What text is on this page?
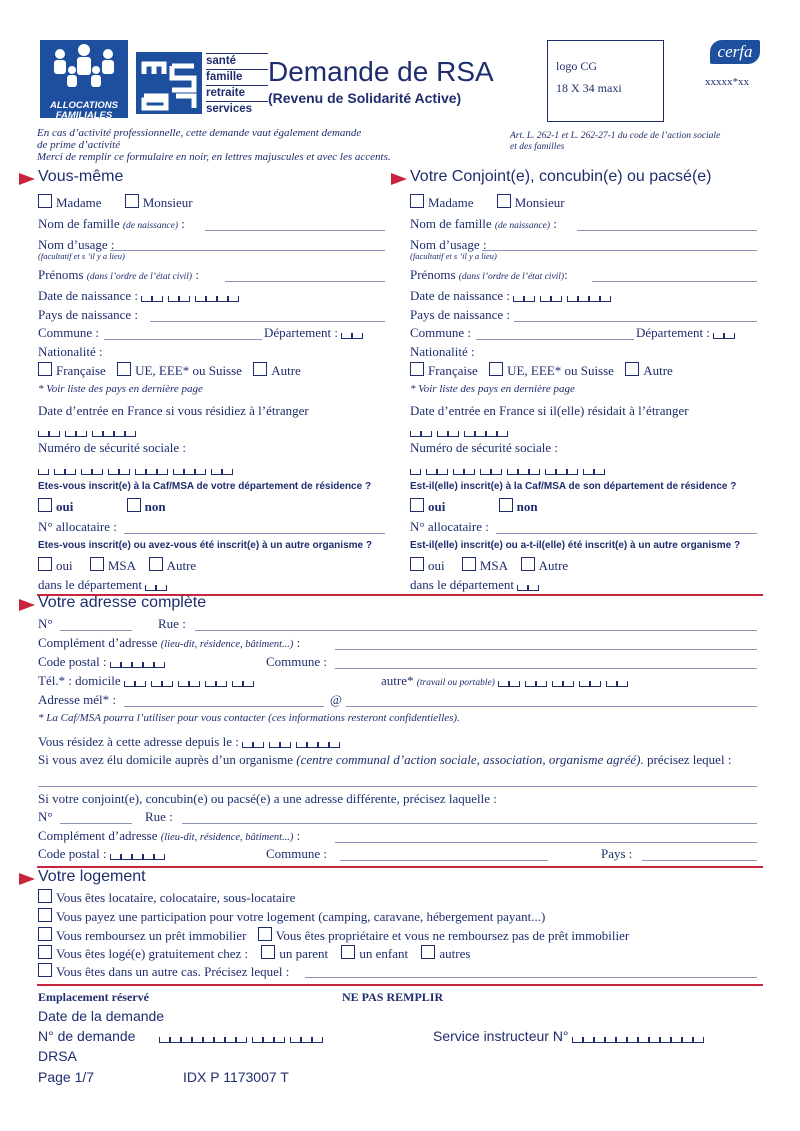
ALLOCATIONS
FAMILIALES
santé
famille
retraite
services
Demande de RSA
(Revenu de Solidarité Active)
logo CG
18 X 34 maxi
cerfa
xxxxx*xx
En cas d’activité professionnelle, cette demande vaut également demande
de prime d’activité
Merci de remplir ce formulaire en noir, en lettres majuscules et avec les accents.
Art. L. 262-1 et L. 262-27-1 du code de l’action sociale
et des familles
Vous-même	Votre Conjoint(e), concubin(e) ou pacsé(e)
Madame	Monsieur
Nom de famille (de naissance) :
Nom d’usage :
(facultatif et s ’il y a lieu)
Prénoms (dans l’ordre de l’état civil) :
Date de naissance :
Pays de naissance :
Commune :	Département :
Nationalité :
Française UE, EEE* ou Suisse Autre
* Voir liste des pays en dernière page
Date d’entrée en France si vous résidiez à l’étranger
Numéro de sécurité sociale :
Etes-vous inscrit(e) à la Caf/MSA de votre département de résidence ?
oui	non
N° allocataire :
Etes-vous inscrit(e) ou avez-vous été inscrit(e) à un autre organisme ?
oui	MSA Autre
dans le département
Madame	Monsieur
Nom de famille (de naissance) :
Nom d’usage :
(facultatif et s ’il y a lieu)
Prénoms (dans l’ordre de l’état civil):
Date de naissance :
Pays de naissance :
Commune :	Département :
Nationalité :
Française UE, EEE* ou Suisse Autre
* Voir liste des pays en dernière page
Date d’entrée en France si il(elle) résidait à l’étranger
Numéro de sécurité sociale :
Est-il(elle) inscrit(e) à la Caf/MSA de son département de résidence ?
oui	non
N° allocataire :
Est-il(elle) inscrit(e) ou a-t-il(elle) été inscrit(e) à un autre organisme ?
oui	MSA Autre
dans le département
Votre adresse complète
N°	Rue :
Complément d’adresse (lieu-dit, résidence, bâtiment...) :
Code postal :	Commune :
Tél.* : domicile	autre* (travail ou portable)
Adresse mél* :	@
* La Caf/MSA pourra l’utiliser pour vous contacter (ces informations resteront confidentielles).
Vous résidez à cette adresse depuis le :
Si vous avez élu domicile auprès d’un organisme (centre communal d’action sociale, association, organisme agréé). précisez lequel :
Si votre conjoint(e), concubin(e) ou pacsé(e) a une adresse différente, précisez laquelle :
N°	Rue :
Complément d’adresse (lieu-dit, résidence, bâtiment...) :
Code postal :	Commune :	Pays :
Votre logement
Vous êtes locataire, colocataire, sous-locataire
Vous payez une participation pour votre logement (camping, caravane, hébergement payant...)
Vous remboursez un prêt immobilier Vous êtes propriétaire et vous ne remboursez pas de prêt immobilier
Vous êtes logé(e) gratuitement chez : un parent un enfant autres
Vous êtes dans un autre cas. Précisez lequel :
Emplacement réservé	NE PAS REMPLIR
Date de la demande
N° de demande	Service instructeur N°
DRSA
Page 1/7	IDX P 1173007 T
